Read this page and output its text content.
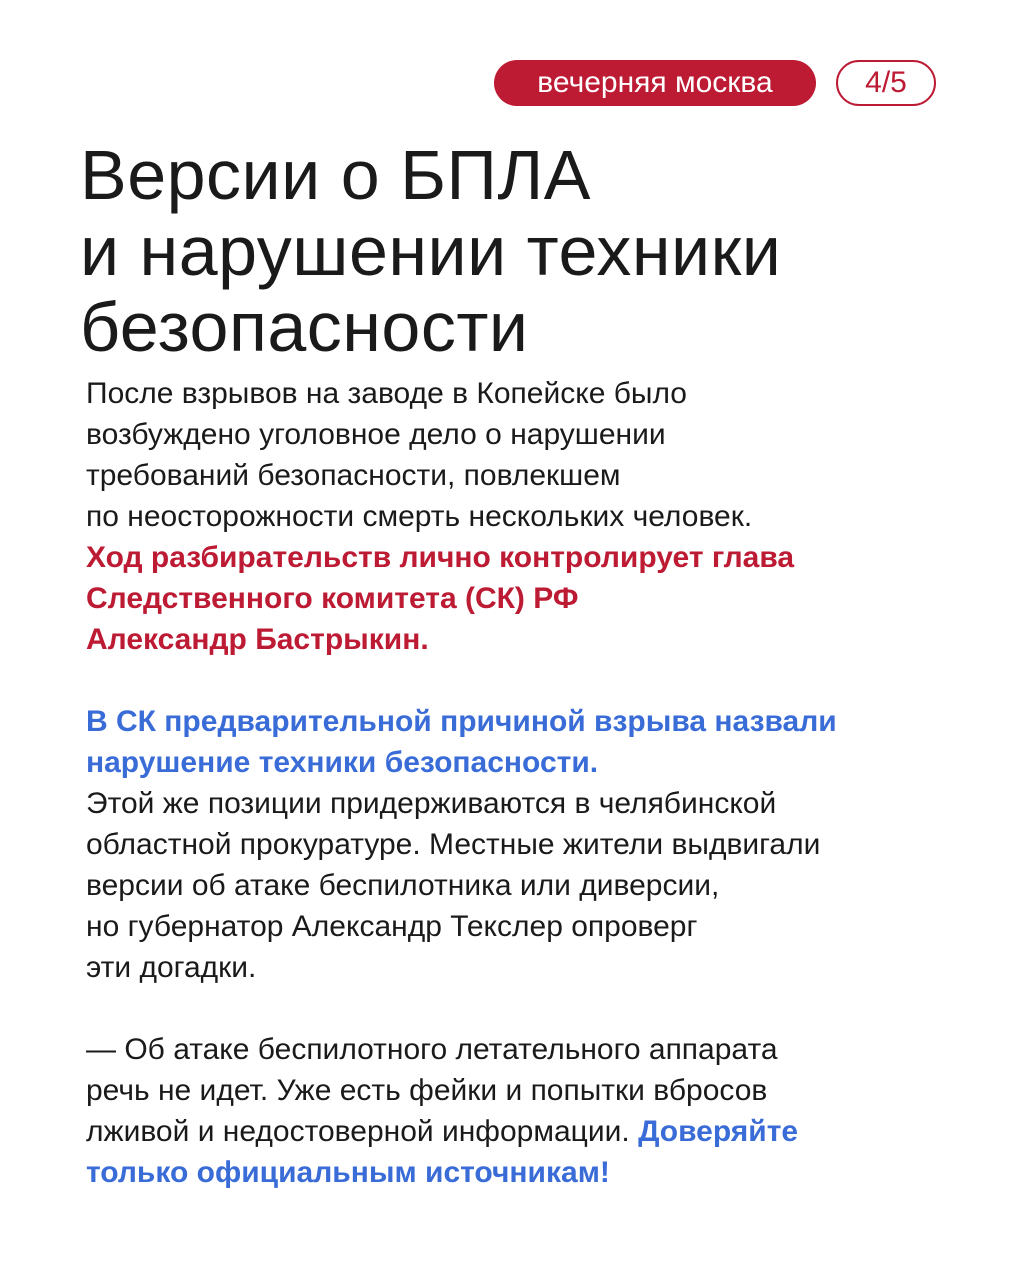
вечерняя москва	4/5
Версии о БПЛА
и нарушении техники
безопасности
После взрывов на заводе в Копейске было
возбуждено уголовное дело о нарушении
требований безопасности, повлекшем
по неосторожности смерть нескольких человек.
Ход разбирательств лично контролирует глава
Следственного комитета (СК) РФ
Александр Бастрыкин.
В СК предварительной причиной взрыва назвали
нарушение техники безопасности.
Этой же позиции придерживаются в челябинской
областной прокуратуре. Местные жители выдвигали
версии об атаке беспилотника или диверсии,
но губернатор Александр Текслер опроверг
эти догадки.
— Об атаке беспилотного летательного аппарата
речь не идет. Уже есть фейки и попытки вбросов
лживой и недостоверной информации. Доверяйте
только официальным источникам!
